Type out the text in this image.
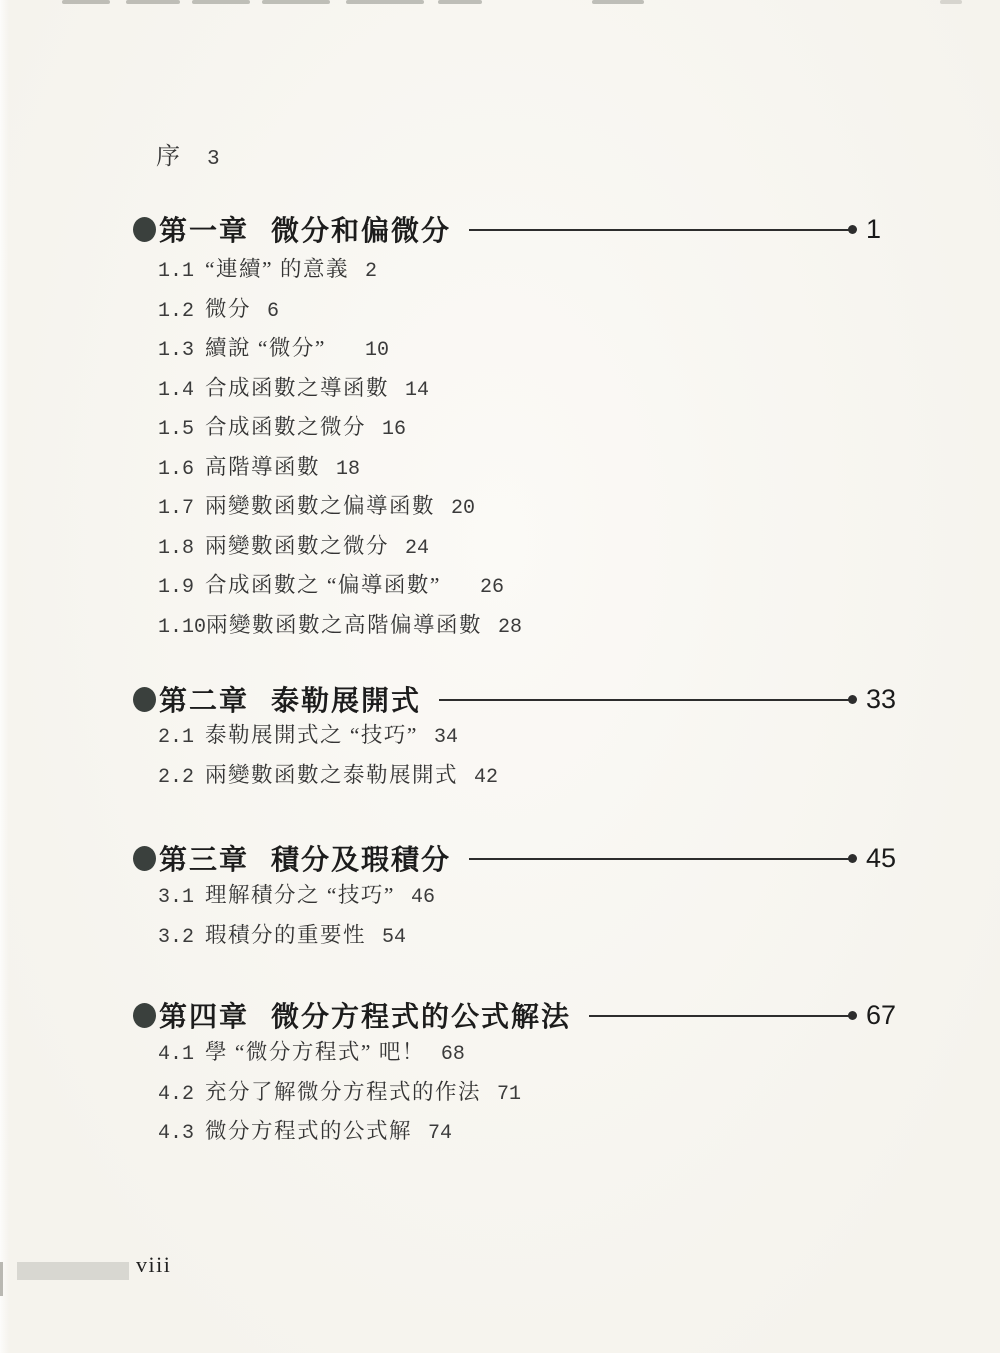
序 3
第一章 微分和偏微分	1
1.1 “連續” 的意義 2
1.2 微分 6
1.3 續說 “微分”　 10
1.4 合成函數之導函數 14
1.5 合成函數之微分 16
1.6 高階導函數 18
1.7 兩變數函數之偏導函數 20
1.8 兩變數函數之微分 24
1.9 合成函數之 “偏導函數”　 26
1.10 兩變數函數之高階偏導函數 28
第二章 泰勒展開式	33
2.1 泰勒展開式之 “技巧” 34
2.2 兩變數函數之泰勒展開式 42
第三章 積分及瑕積分	45
3.1 理解積分之 “技巧” 46
3.2 瑕積分的重要性 54
第四章 微分方程式的公式解法	67
4.1 學 “微分方程式” 吧！ 68
4.2 充分了解微分方程式的作法 71
4.3 微分方程式的公式解 74
viii
